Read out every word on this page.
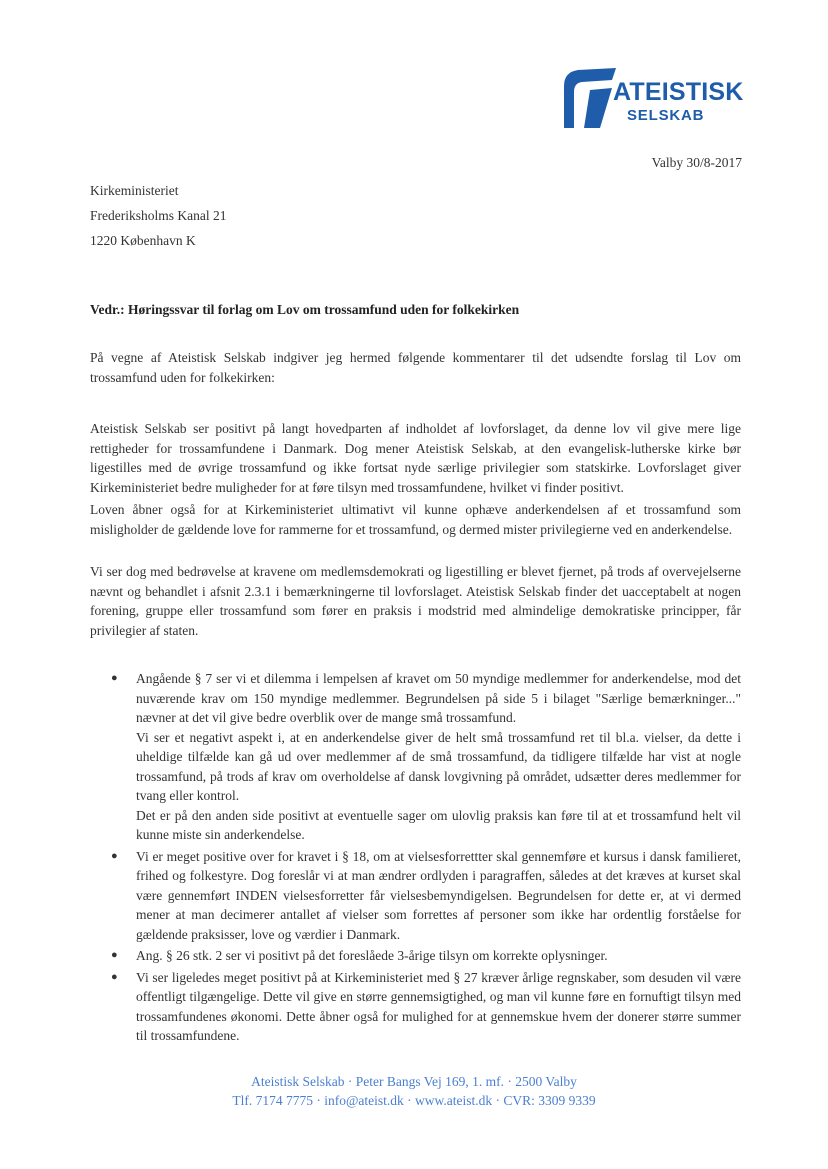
ATEISTISK
SELSKAB
Valby 30/8-2017
Kirkeministeriet
Frederiksholms Kanal 21
1220 København K
Vedr.: Høringssvar til forlag om Lov om trossamfund uden for folkekirken
På vegne af Ateistisk Selskab indgiver jeg hermed følgende kommentarer til det udsendte forslag til Lov om trossamfund uden for folkekirken:
Ateistisk Selskab ser positivt på langt hovedparten af indholdet af lovforslaget, da denne lov vil give mere lige rettigheder for trossamfundene i Danmark. Dog mener Ateistisk Selskab, at den evangelisk-lutherske kirke bør ligestilles med de øvrige trossamfund og ikke fortsat nyde særlige privilegier som statskirke. Lovforslaget giver Kirkeministeriet bedre muligheder for at føre tilsyn med trossamfundene, hvilket vi finder positivt.
Loven åbner også for at Kirkeministeriet ultimativt vil kunne ophæve anderkendelsen af et trossamfund som misligholder de gældende love for rammerne for et trossamfund, og dermed mister privilegierne ved en anderkendelse.
Vi ser dog med bedrøvelse at kravene om medlemsdemokrati og ligestilling er blevet fjernet, på trods af overvejelserne nævnt og behandlet i afsnit 2.3.1 i bemærkningerne til lovforslaget. Ateistisk Selskab finder det uacceptabelt at nogen forening, gruppe eller trossamfund som fører en praksis i modstrid med almindelige demokratiske principper, får privilegier af staten.
● Angående § 7 ser vi et dilemma i lempelsen af kravet om 50 myndige medlemmer for anderkendelse, mod det nuværende krav om 150 myndige medlemmer. Begrundelsen på side 5 i bilaget "Særlige bemærkninger..." nævner at det vil give bedre overblik over de mange små trossamfund.

Vi ser et negativt aspekt i, at en anderkendelse giver de helt små trossamfund ret til bl.a. vielser, da dette i uheldige tilfælde kan gå ud over medlemmer af de små trossamfund, da tidligere tilfælde har vist at nogle trossamfund, på trods af krav om overholdelse af dansk lovgivning på området, udsætter deres medlemmer for tvang eller kontrol.

Det er på den anden side positivt at eventuelle sager om ulovlig praksis kan føre til at et trossamfund helt vil kunne miste sin anderkendelse.

● Vi er meget positive over for kravet i § 18, om at vielsesforrettter skal gennemføre et kursus i dansk familieret, frihed og folkestyre. Dog foreslår vi at man ændrer ordlyden i paragraffen, således at det kræves at kurset skal være gennemført INDEN vielsesforretter får vielsesbemyndigelsen. Begrundelsen for dette er, at vi dermed mener at man decimerer antallet af vielser som forrettes af personer som ikke har ordentlig forståelse for gældende praksisser, love og værdier i Danmark.

● Ang. § 26 stk. 2 ser vi positivt på det foreslåede 3-årige tilsyn om korrekte oplysninger.

● Vi ser ligeledes meget positivt på at Kirkeministeriet med § 27 kræver årlige regnskaber, som desuden vil være offentligt tilgængelige. Dette vil give en større gennemsigtighed, og man vil kunne føre en fornuftigt tilsyn med trossamfundenes økonomi. Dette åbner også for mulighed for at gennemskue hvem der donerer større summer til trossamfundene.

Ateistisk Selskab · Peter Bangs Vej 169, 1. mf. · 2500 Valby
Tlf. 7174 7775 · info@ateist.dk · www.ateist.dk · CVR: 3309 9339
